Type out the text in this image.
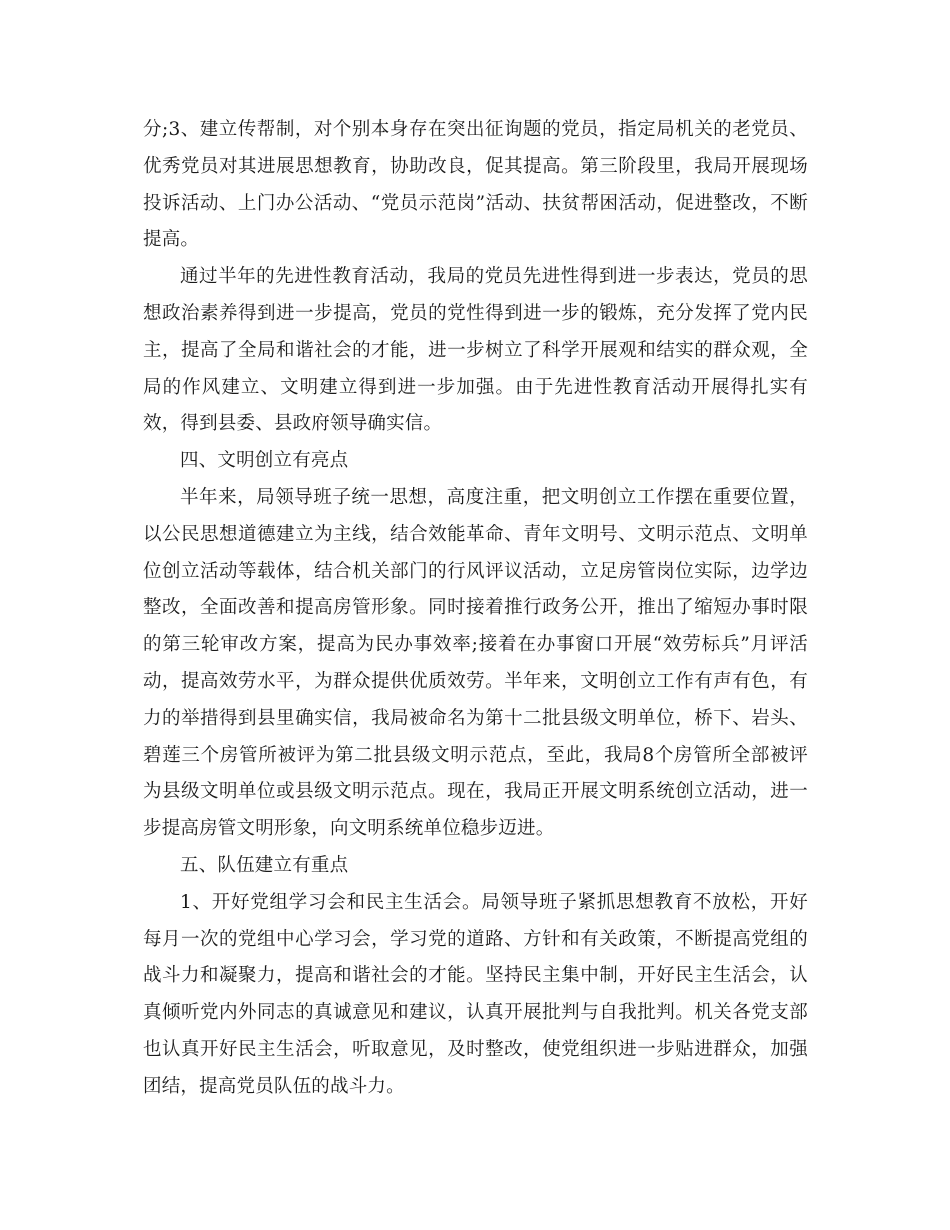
分;3、建立传帮制，对个别本身存在突出征询题的党员，指定局机关的老党员、优秀党员对其进展思想教育，协助改良，促其提高。第三阶段里，我局开展现场投诉活动、上门办公活动、“党员示范岗”活动、扶贫帮困活动，促进整改，不断提高。

通过半年的先进性教育活动，我局的党员先进性得到进一步表达，党员的思想政治素养得到进一步提高，党员的党性得到进一步的锻炼，充分发挥了党内民主，提高了全局和谐社会的才能，进一步树立了科学开展观和结实的群众观，全局的作风建立、文明建立得到进一步加强。由于先进性教育活动开展得扎实有效，得到县委、县政府领导确实信。

四、文明创立有亮点

半年来，局领导班子统一思想，高度注重，把文明创立工作摆在重要位置，以公民思想道德建立为主线，结合效能革命、青年文明号、文明示范点、文明单位创立活动等载体，结合机关部门的行风评议活动，立足房管岗位实际，边学边整改，全面改善和提高房管形象。同时接着推行政务公开，推出了缩短办事时限的第三轮审改方案，提高为民办事效率;接着在办事窗口开展“效劳标兵”月评活动，提高效劳水平，为群众提供优质效劳。半年来，文明创立工作有声有色，有力的举措得到县里确实信，我局被命名为第十二批县级文明单位，桥下、岩头、碧莲三个房管所被评为第二批县级文明示范点，至此，我局8个房管所全部被评为县级文明单位或县级文明示范点。现在，我局正开展文明系统创立活动，进一步提高房管文明形象，向文明系统单位稳步迈进。

五、队伍建立有重点

1、开好党组学习会和民主生活会。局领导班子紧抓思想教育不放松，开好每月一次的党组中心学习会，学习党的道路、方针和有关政策，不断提高党组的战斗力和凝聚力，提高和谐社会的才能。坚持民主集中制，开好民主生活会，认真倾听党内外同志的真诚意见和建议，认真开展批判与自我批判。机关各党支部也认真开好民主生活会，听取意见，及时整改，使党组织进一步贴进群众，加强团结，提高党员队伍的战斗力。
